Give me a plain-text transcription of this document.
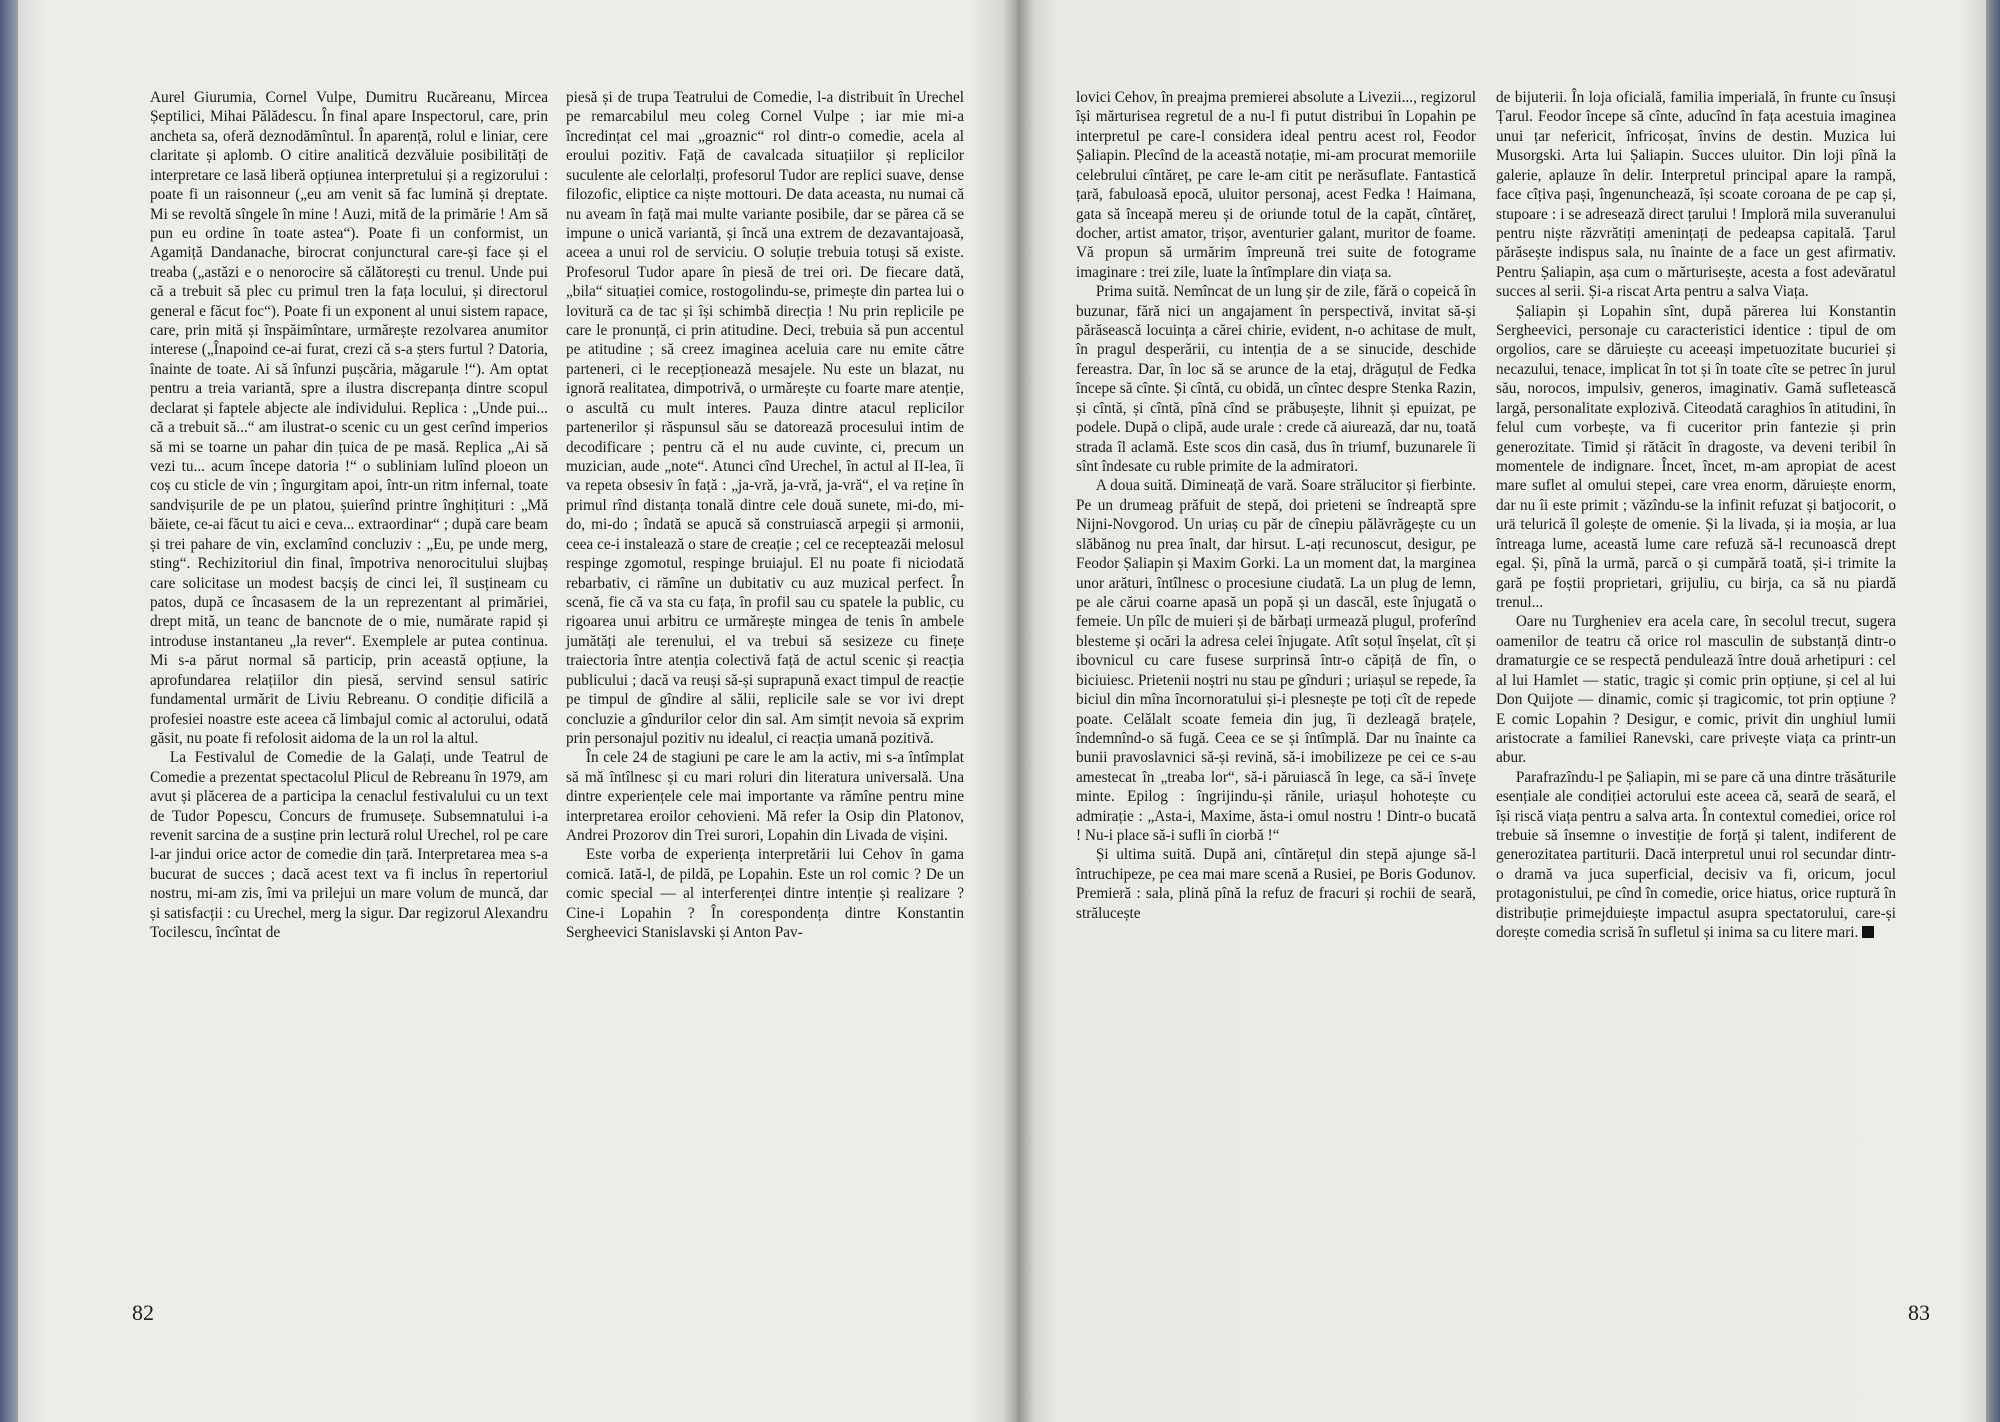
Aurel Giurumia, Cornel Vulpe, Dumitru Rucăreanu, Mircea Șeptilici, Mihai Pălădescu. În final apare Inspectorul, care, prin ancheta sa, oferă deznodămîntul. În aparență, rolul e liniar, cere claritate și aplomb. O citire analitică dezvăluie posibilități de interpretare ce lasă liberă opțiunea interpretului și a regizorului : poate fi un raisonneur („eu am venit să fac lumină și dreptate. Mi se revoltă sîngele în mine ! Auzi, mită de la primărie ! Am să pun eu ordine în toate astea“). Poate fi un conformist, un Agamiță Dandanache, birocrat conjunctural care-și face și el treaba („astăzi e o nenorocire să călătorești cu trenul. Unde pui că a trebuit să plec cu primul tren la fața locului, și directorul general e făcut foc“). Poate fi un exponent al unui sistem rapace, care, prin mită și înspăimîntare, urmărește rezolvarea anumitor interese („Înapoind ce-ai furat, crezi că s-a șters furtul ? Datoria, înainte de toate. Ai să înfunzi pușcăria, măgarule !“). Am optat pentru a treia variantă, spre a ilustra discrepanța dintre scopul declarat și faptele abjecte ale individului. Replica : „Unde pui... că a trebuit să...“ am ilustrat-o scenic cu un gest cerînd imperios să mi se toarne un pahar din țuica de pe masă. Replica „Ai să vezi tu... acum începe datoria !“ o subliniam lulînd ploeon un coș cu sticle de vin ; îngurgitam apoi, într-un ritm infernal, toate sandvișurile de pe un platou, șuierînd printre înghițituri : „Mă băiete, ce-ai făcut tu aici e ceva... extraordinar“ ; după care beam și trei pahare de vin, exclamînd concluziv : „Eu, pe unde merg, sting“. Rechizitoriul din final, împotriva nenorocitului slujbaș care solicitase un modest bacșiș de cinci lei, îl susțineam cu patos, după ce încasasem de la un reprezentant al primăriei, drept mită, un teanc de bancnote de o mie, numărate rapid și introduse instantaneu „la rever“. Exemplele ar putea continua. Mi s-a părut normal să particip, prin această opțiune, la aprofundarea relațiilor din piesă, servind sensul satiric fundamental urmărit de Liviu Rebreanu. O condiție dificilă a profesiei noastre este aceea că limbajul comic al actorului, odată găsit, nu poate fi refolosit aidoma de la un rol la altul.

La Festivalul de Comedie de la Galați, unde Teatrul de Comedie a prezentat spectacolul Plicul de Rebreanu în 1979, am avut și plăcerea de a participa la cenaclul festivalului cu un text de Tudor Popescu, Concurs de frumusețe. Subsemnatului i-a revenit sarcina de a susține prin lectură rolul Urechel, rol pe care l-ar jindui orice actor de comedie din țară. Interpretarea mea s-a bucurat de succes ; dacă acest text va fi inclus în repertoriul nostru, mi-am zis, îmi va prilejui un mare volum de muncă, dar și satisfacții : cu Urechel, merg la sigur. Dar regizorul Alexandru Tocilescu, încîntat de

piesă și de trupa Teatrului de Comedie, l-a distribuit în Urechel pe remarcabilul meu coleg Cornel Vulpe ; iar mie mi-a încredințat cel mai „groaznic“ rol dintr-o comedie, acela al eroului pozitiv. Față de cavalcada situațiilor și replicilor suculente ale celorlalți, profesorul Tudor are replici suave, dense filozofic, eliptice ca niște mottouri. De data aceasta, nu numai că nu aveam în față mai multe variante posibile, dar se părea că se impune o unică variantă, și încă una extrem de dezavantajoasă, aceea a unui rol de serviciu. O soluție trebuia totuși să existe. Profesorul Tudor apare în piesă de trei ori. De fiecare dată, „bila“ situației comice, rostogolindu-se, primește din partea lui o lovitură ca de tac și își schimbă direcția ! Nu prin replicile pe care le pronunță, ci prin atitudine. Deci, trebuia să pun accentul pe atitudine ; să creez imaginea aceluia care nu emite către parteneri, ci le recepționează mesajele. Nu este un blazat, nu ignoră realitatea, dimpotrivă, o urmărește cu foarte mare atenție, o ascultă cu mult interes. Pauza dintre atacul replicilor partenerilor și răspunsul său se datorează procesului intim de decodificare ; pentru că el nu aude cuvinte, ci, precum un muzician, aude „note“. Atunci cînd Urechel, în actul al II-lea, îi va repeta obsesiv în față : „ja-vră, ja-vră, ja-vră“, el va reține în primul rînd distanța tonală dintre cele două sunete, mi-do, mi-do, mi-do ; îndată se apucă să construiască arpegii și armonii, ceea ce-i instalează o stare de creație ; cel ce recepteazăi melosul respinge zgomotul, respinge bruiajul. El nu poate fi niciodată rebarbativ, ci rămîne un dubitativ cu auz muzical perfect. În scenă, fie că va sta cu fața, în profil sau cu spatele la public, cu rigoarea unui arbitru ce urmărește mingea de tenis în ambele jumătăți ale terenului, el va trebui să sesizeze cu finețe traiectoria între atenția colectivă față de actul scenic și reacția publicului ; dacă va reuși să-și suprapună exact timpul de reacție pe timpul de gîndire al sălii, replicile sale se vor ivi drept concluzie a gîndurilor celor din sal. Am simțit nevoia să exprim prin personajul pozitiv nu idealul, ci reacția umană pozitivă.

În cele 24 de stagiuni pe care le am la activ, mi s-a întîmplat să mă întîlnesc și cu mari roluri din literatura universală. Una dintre experiențele cele mai importante va rămîne pentru mine interpretarea eroilor cehovieni. Mă refer la Osip din Platonov, Andrei Prozorov din Trei surori, Lopahin din Livada de vișini.

Este vorba de experiența interpretării lui Cehov în gama comică. Iată-l, de pildă, pe Lopahin. Este un rol comic ? De un comic special — al interferenței dintre intenție și realizare ? Cine-i Lopahin ? În corespondența dintre Konstantin Sergheevici Stanislavski și Anton Pav-

lovici Cehov, în preajma premierei absolute a Livezii..., regizorul își mărturisea regretul de a nu-l fi putut distribui în Lopahin pe interpretul pe care-l considera ideal pentru acest rol, Feodor Șaliapin. Plecînd de la această notație, mi-am procurat memoriile celebrului cîntăreț, pe care le-am citit pe nerăsuflate. Fantastică țară, fabuloasă epocă, uluitor personaj, acest Fedka ! Haimana, gata să înceapă mereu și de oriunde totul de la capăt, cîntăreț, docher, artist amator, trișor, aventurier galant, muritor de foame. Vă propun să urmărim împreună trei suite de fotograme imaginare : trei zile, luate la întîmplare din viața sa.

Prima suită. Nemîncat de un lung șir de zile, fără o copeică în buzunar, fără nici un angajament în perspectivă, invitat să-și părăsească locuința a cărei chirie, evident, n-o achitase de mult, în pragul desperării, cu intenția de a se sinucide, deschide fereastra. Dar, în loc să se arunce de la etaj, drăguțul de Fedka începe să cînte. Și cîntă, cu obidă, un cîntec despre Stenka Razin, și cîntă, și cîntă, pînă cînd se prăbușește, lihnit și epuizat, pe podele. După o clipă, aude urale : crede că aiurează, dar nu, toată strada îl aclamă. Este scos din casă, dus în triumf, buzunarele îi sînt îndesate cu ruble primite de la admiratori.

A doua suită. Dimineață de vară. Soare strălucitor și fierbinte. Pe un drumeag prăfuit de stepă, doi prieteni se îndreaptă spre Nijni-Novgorod. Un uriaș cu păr de cînepiu pălăvrăgește cu un slăbănog nu prea înalt, dar hirsut. L-ați recunoscut, desigur, pe Feodor Șaliapin și Maxim Gorki. La un moment dat, la marginea unor arături, întîlnesc o procesiune ciudată. La un plug de lemn, pe ale cărui coarne apasă un popă și un dascăl, este înjugată o femeie. Un pîlc de muieri și de bărbați urmează plugul, proferînd blesteme și ocări la adresa celei înjugate. Atît soțul înșelat, cît și ibovnicul cu care fusese surprinsă într-o căpiță de fîn, o biciuiesc. Prietenii noștri nu stau pe gînduri ; uriașul se repede, îa biciul din mîna încornoratului și-i plesnește pe toți cît de repede poate. Celălalt scoate femeia din jug, îi dezleagă brațele, îndemnînd-o să fugă. Ceea ce se și întîmplă. Dar nu înainte ca bunii pravoslavnici să-și revină, să-i imobilizeze pe cei ce s-au amestecat în „treaba lor“, să-i păruiască în lege, ca să-i învețe minte. Epilog : îngrijindu-și rănile, uriașul hohotește cu admirație : „Asta-i, Maxime, ăsta-i omul nostru ! Dintr-o bucată ! Nu-i place să-i sufli în ciorbă !“

Și ultima suită. După ani, cîntărețul din stepă ajunge să-l întruchipeze, pe cea mai mare scenă a Rusiei, pe Boris Godunov. Premieră : sala, plină pînă la refuz de fracuri și rochii de seară, strălucește

de bijuterii. În loja oficială, familia imperială, în frunte cu însuși Țarul. Feodor începe să cînte, aducînd în fața acestuia imaginea unui țar nefericit, înfricoșat, învins de destin. Muzica lui Musorgski. Arta lui Șaliapin. Succes uluitor. Din loji pînă la galerie, aplauze în delir. Interpretul principal apare la rampă, face cîțiva pași, îngenunchează, își scoate coroana de pe cap și, stupoare : i se adresează direct țarului ! Imploră mila suveranului pentru niște răzvrătiți amenințați de pedeapsa capitală. Țarul părăsește indispus sala, nu înainte de a face un gest afirmativ. Pentru Șaliapin, așa cum o mărturisește, acesta a fost adevăratul succes al serii. Și-a riscat Arta pentru a salva Viața.

Șaliapin și Lopahin sînt, după părerea lui Konstantin Sergheevici, personaje cu caracteristici identice : tipul de om orgolios, care se dăruiește cu aceeași impetuozitate bucuriei și necazului, tenace, implicat în tot și în toate cîte se petrec în jurul său, norocos, impulsiv, generos, imaginativ. Gamă sufletească largă, personalitate explozivă. Citeodată caraghios în atitudini, în felul cum vorbește, va fi cuceritor prin fantezie și prin generozitate. Timid și rătăcit în dragoste, va deveni teribil în momentele de indignare. Încet, încet, m-am apropiat de acest mare suflet al omului stepei, care vrea enorm, dăruiește enorm, dar nu îi este primit ; văzîndu-se la infinit refuzat și batjocorit, o urä telurică îl golește de omenie. Și la livada, și ia moșia, ar lua întreaga lume, această lume care refuză să-l recunoască drept egal. Și, pînă la urmă, parcă o și cumpără toată, și-i trimite la gară pe foștii proprietari, grijuliu, cu birja, ca să nu piardă trenul...

Oare nu Turgheniev era acela care, în secolul trecut, sugera oamenilor de teatru că orice rol masculin de substanță dintr-o dramaturgie ce se respectă pendulează între două arhetipuri : cel al lui Hamlet — static, tragic și comic prin opțiune, și cel al lui Don Quijote — dinamic, comic și tragicomic, tot prin opțiune ? E comic Lopahin ? Desigur, e comic, privit din unghiul lumii aristocrate a familiei Ranevski, care privește viața ca printr-un abur.

Parafrazîndu-l pe Șaliapin, mi se pare că una dintre trăsăturile esențiale ale condiției actorului este aceea că, seară de seară, el își riscă viața pentru a salva arta. În contextul comediei, orice rol trebuie să însemne o investiție de forță și talent, indiferent de generozitatea partiturii. Dacă interpretul unui rol secundar dintr-o dramă va juca superficial, decisiv va fi, oricum, jocul protagonistului, pe cînd în comedie, orice hiatus, orice ruptură în distribuție primejduiește impactul asupra spectatorului, care-și dorește comedia scrisă în sufletul și inima sa cu litere mari.

82	83
